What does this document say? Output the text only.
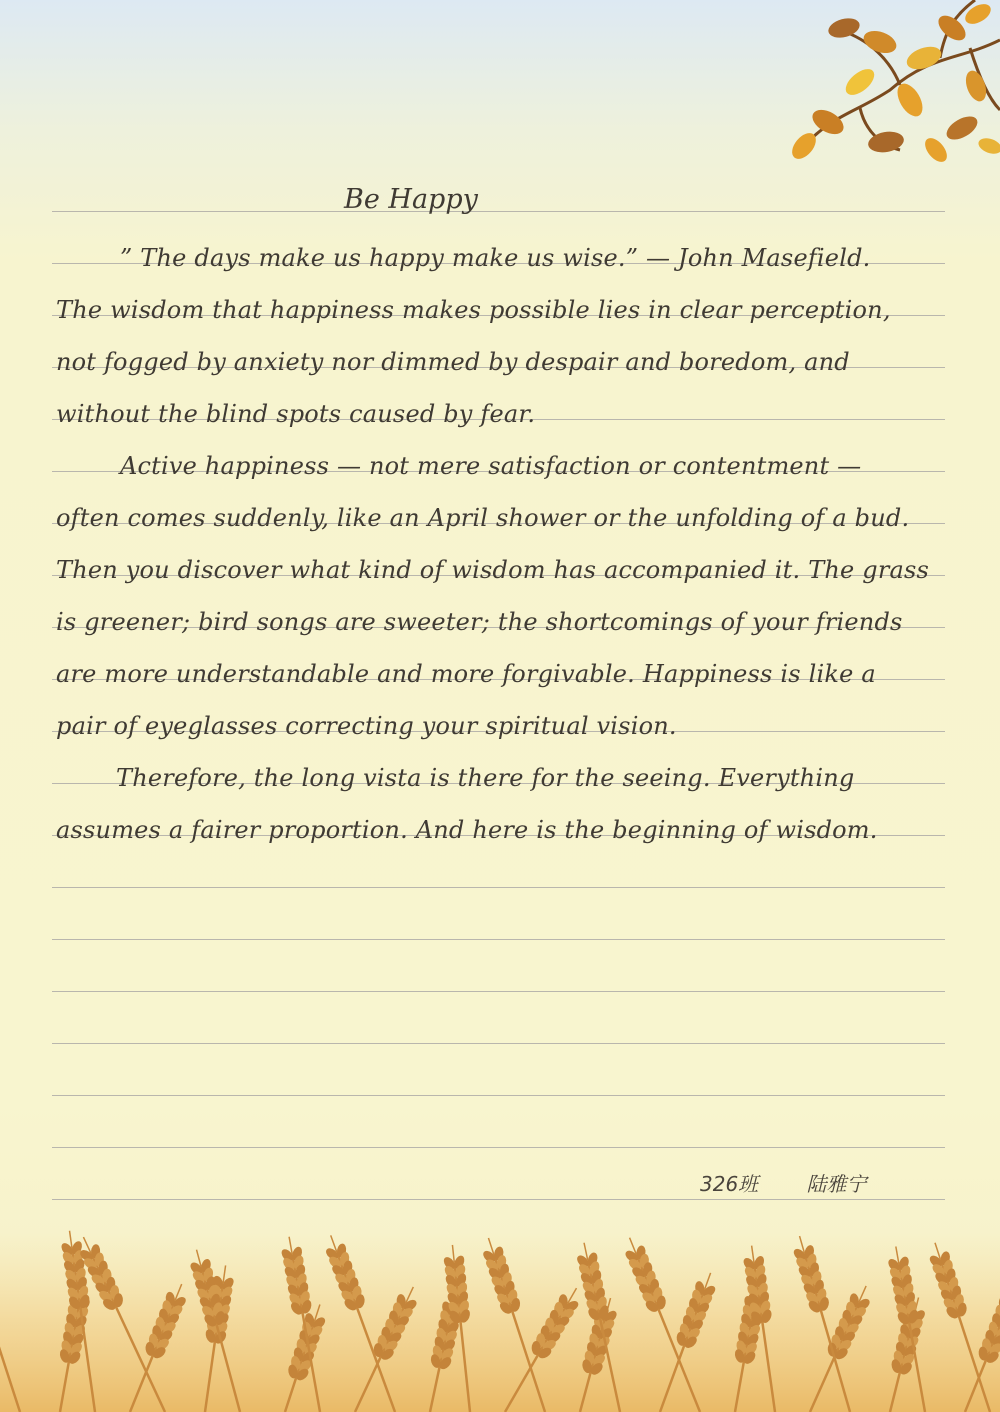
Be Happy
” The days make us happy make us wise.” — John Masefield.
The wisdom that happiness makes possible lies in clear perception,
not fogged by anxiety nor dimmed by despair and boredom, and
without the blind spots caused by fear.
Active happiness — not mere satisfaction or contentment —
often comes suddenly, like an April shower or the unfolding of a bud.
Then you discover what kind of wisdom has accompanied it. The grass
is greener; bird songs are sweeter; the shortcomings of your friends
are more understandable and more forgivable. Happiness is like a
pair of eyeglasses correcting your spiritual vision.
Therefore, the long vista is there for the seeing. Everything
assumes a fairer proportion. And here is the beginning of wisdom.
326班 陆雅宁
